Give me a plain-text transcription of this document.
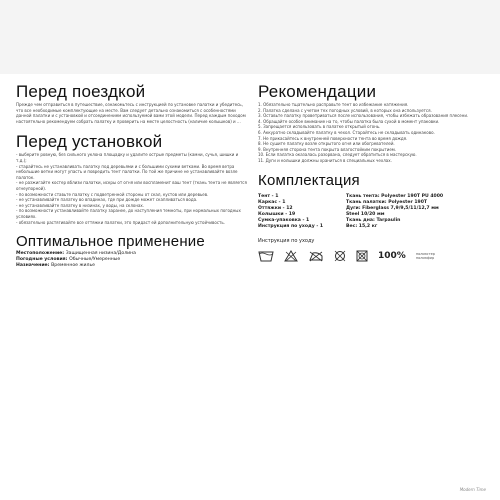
Перед поездкой

Прежде чем отправиться в путешествие, ознакомьтесь с инструкцией по установке палатки и убедитесь, что все необходимые комплектующие на месте. Вам следует детально ознакомиться с особенностями данной палатки и с установкой и отсоединением используемой вами этой модели. Перед каждым походом настоятельно рекомендуем собрать палатку и проверить на месте целостность (наличие колышков) и ...

Перед установкой

- выберите ровную, без сильного уклона площадку и удалите острые предметы (камни, сучья, шишки и т.д.);

- старайтесь не устанавливать палатку под деревьями и с большими сухими ветками. Во время ветра небольшие ветки могут упасть и повредить тент палатки. По той же причине не устанавливайте возле палаток.

- не разжигайте костер вблизи палатки, искры от огня или воспламенит ваш тент (ткань тента не является огнеупорной).

- по возможности ставьте палатку с подветренной стороны от скал, кустов или деревьев.

- не устанавливайте палатку во впадинах, где при дожде может скапливаться вода.

- не устанавливайте палатку в низинах, у воды, на склонах.

- по возможности устанавливайте палатку заранее, до наступления темноты, при нормальных погодных условиях.

- обязательно растягивайте все оттяжки палатки, это придаст ей дополнительную устойчивость.

Оптимальное применение
Местоположение: Защищенная низина/Долина
Погодные условия: Обычные/Умеренные
Назначение: Временное жилье
Рекомендации

1. Обязательно тщательно расправьте тент во избежание натяжения.

2. Палатка сделана с учетом тех погодных условий, в которых она используется.

3. Оставьте палатку проветриваться после использования, чтобы избежать образования плесени.

4. Обращайте особое внимание на то, чтобы палатка была сухой в момент упаковки.

5. Запрещается использовать в палатке открытый огонь.

6. Аккуратно складывайте палатку в чехол. Старайтесь не складывать одинаково.

7. Не прикасайтесь к внутренней поверхности тента во время дождя.

8. Не сушите палатку возле открытого огня или обогревателей.

9. Внутренняя сторона тента покрыта влагостойким покрытием.

10. Если палатка оказалась разорвана, следует обратиться в мастерскую.

11. Дуги и колышки должны храниться в специальных чехлах.

Комплектация
Тент - 1
Каркас - 1
Оттяжки - 12
Колышки - 19
Сумка-упаковка - 1
Инструкция по уходу - 1
Ткань тента: Polyester 190T PU 4000
Ткань палатки: Polyester 190T
Дуги: Fiberglass 7,9/9,5/11/12,7 мм
Steel 10/20 мм
Ткань дна: Tarpaulin
Вес: 15,2 кг
Инструкция по уходу
100%	полиэстер полиэфир
Modern Time
